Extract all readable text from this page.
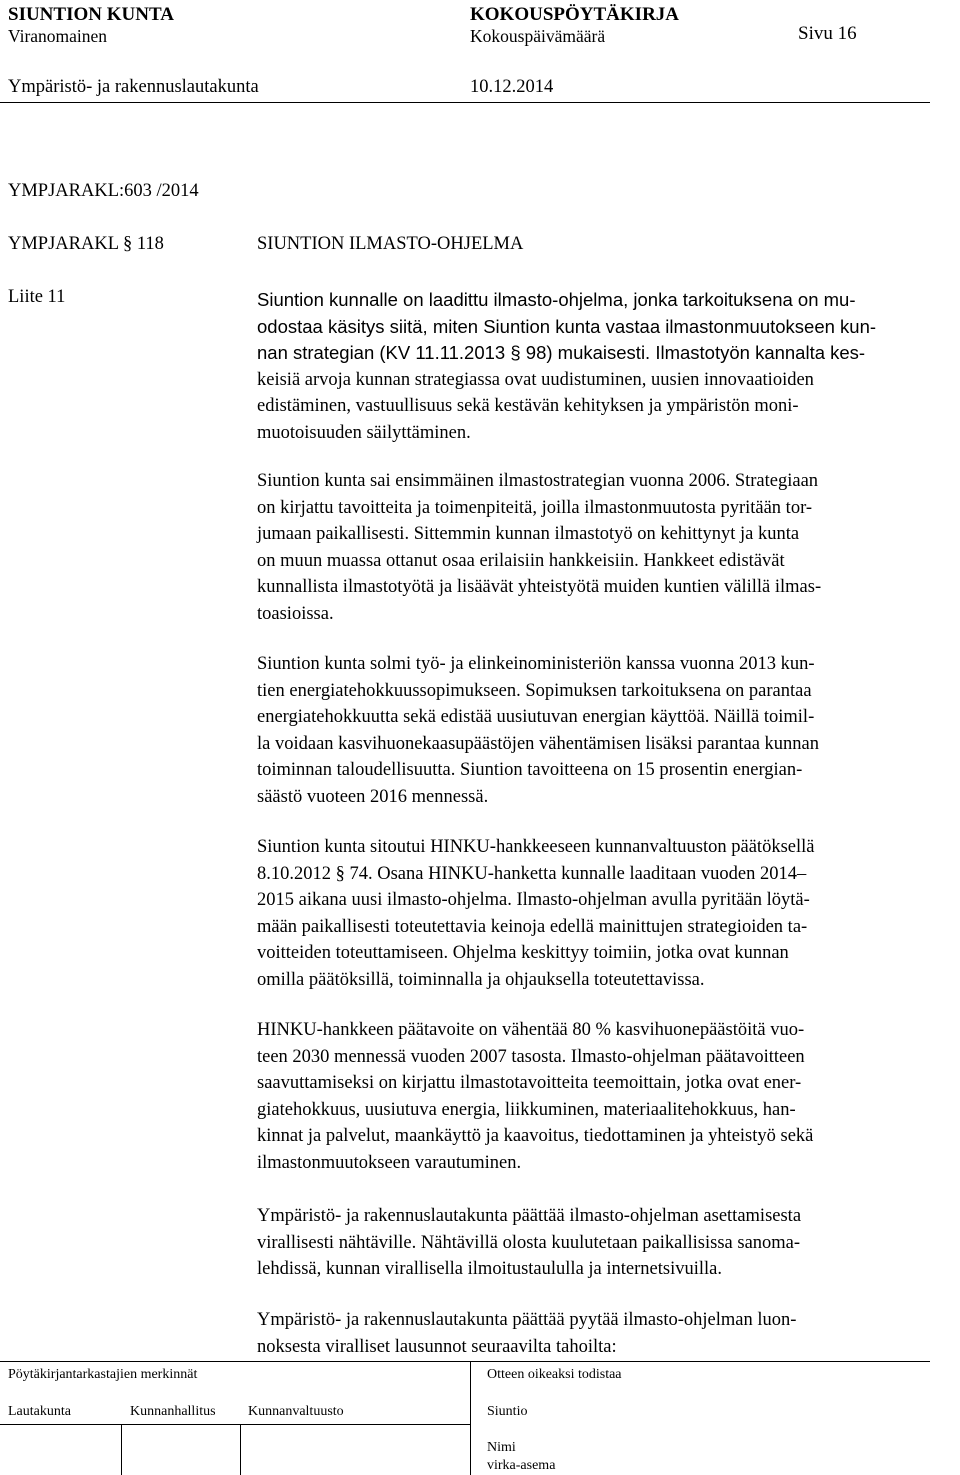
SIUNTION KUNTA	KOKOUSPÖYTÄKIRJA
Viranomainen	Kokouspäivämäärä	Sivu 16
Ympäristö- ja rakennuslautakunta	10.12.2014
YMPJARAKL:603 /2014
YMPJARAKL § 118	SIUNTION ILMASTO-OHJELMA
Liite 11	Siuntion kunnalle on laadittu ilmasto-ohjelma, jonka tarkoituksena on mu-
odostaa käsitys siitä, miten Siuntion kunta vastaa ilmastonmuutokseen kun-
nan strategian (KV 11.11.2013 § 98) mukaisesti. Ilmastotyön kannalta kes-
keisiä arvoja kunnan strategiassa ovat uudistuminen, uusien innovaatioiden
edistäminen, vastuullisuus sekä kestävän kehityksen ja ympäristön moni-
muotoisuuden säilyttäminen.
Siuntion kunta sai ensimmäinen ilmastostrategian vuonna 2006. Strategiaan
on kirjattu tavoitteita ja toimenpiteitä, joilla ilmastonmuutosta pyritään tor-
jumaan paikallisesti. Sittemmin kunnan ilmastotyö on kehittynyt ja kunta
on muun muassa ottanut osaa erilaisiin hankkeisiin. Hankkeet edistävät
kunnallista ilmastotyötä ja lisäävät yhteistyötä muiden kuntien välillä ilmas-
toasioissa.
Siuntion kunta solmi työ- ja elinkeinoministeriön kanssa vuonna 2013 kun-
tien energiatehokkuussopimukseen. Sopimuksen tarkoituksena on parantaa
energiatehokkuutta sekä edistää uusiutuvan energian käyttöä. Näillä toimil-
la voidaan kasvihuonekaasupäästöjen vähentämisen lisäksi parantaa kunnan
toiminnan taloudellisuutta. Siuntion tavoitteena on 15 prosentin energian-
säästö vuoteen 2016 mennessä.
Siuntion kunta sitoutui HINKU-hankkeeseen kunnanvaltuuston päätöksellä
8.10.2012 § 74. Osana HINKU-hanketta kunnalle laaditaan vuoden 2014–
2015 aikana uusi ilmasto-ohjelma. Ilmasto-ohjelman avulla pyritään löytä-
mään paikallisesti toteutettavia keinoja edellä mainittujen strategioiden ta-
voitteiden toteuttamiseen. Ohjelma keskittyy toimiin, jotka ovat kunnan
omilla päätöksillä, toiminnalla ja ohjauksella toteutettavissa.
HINKU-hankkeen päätavoite on vähentää 80 % kasvihuonepäästöitä vuo-
teen 2030 mennessä vuoden 2007 tasosta. Ilmasto-ohjelman päätavoitteen
saavuttamiseksi on kirjattu ilmastotavoitteita teemoittain, jotka ovat ener-
giatehokkuus, uusiutuva energia, liikkuminen, materiaalitehokkuus, han-
kinnat ja palvelut, maankäyttö ja kaavoitus, tiedottaminen ja yhteistyö sekä
ilmastonmuutokseen varautuminen.
Ympäristö- ja rakennuslautakunta päättää ilmasto-ohjelman asettamisesta
virallisesti nähtäville. Nähtävillä olosta kuulutetaan paikallisissa sanoma-
lehdissä, kunnan virallisella ilmoitustaululla ja internetsivuilla.
Ympäristö- ja rakennuslautakunta päättää pyytää ilmasto-ohjelman luon-
noksesta viralliset lausunnot seuraavilta tahoilta:
Pöytäkirjantarkastajien merkinnät	Otteen oikeaksi todistaa
Lautakunta	Kunnanhallitus Kunnanvaltuusto	Siuntio
Nimi
virka-asema
